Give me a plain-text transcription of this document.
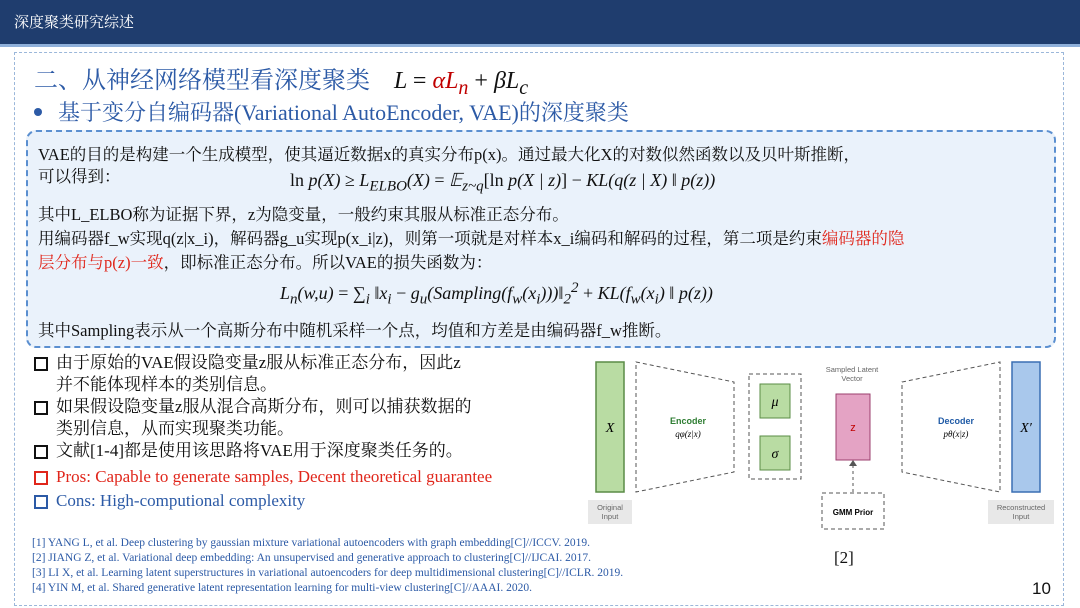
深度聚类研究综述
二、从神经网络模型看深度聚类 $L = \alpha L_n + \beta L_c$
基于变分自编码器(Variational AutoEncoder, VAE)的深度聚类
VAE的目的是构建一个生成模型，使其逼近数据x的真实分布p(x)。通过最大化X的对数似然函数以及贝叶斯推断，
可以得到：	$\ln p(X) \ge L_{ELBO}(X)$ = 𝔼$_{z\sim q}$[ln p(X | z)] − KL(q(z | X) ‖ p(z))
其中L_ELBO称为证据下界，z为隐变量，一般约束其服从标准正态分布。
用编码器f_w实现q(z|x_i)，解码器g_u实现p(x_i|z)，则第一项就是对样本x_i编码和解码的过程，第二项是约束编码器的隐
层分布与p(z)一致，即标准正态分布。所以VAE的损失函数为：
$L_n(w,u) = \sum_i$ $‖x_i$ − $g_u(Sampling(f_w(x_i)))‖_2^2 + KL(f_w(x_i)$ ‖ p(z))
其中Sampling表示从一个高斯分布中随机采样一个点，均值和方差是由编码器f_w推断。
由于原始的VAE假设隐变量z服从标准正态分布，因此z
并不能体现样本的类别信息。
如果假设隐变量z服从混合高斯分布，则可以捕获数据的
类别信息，从而实现聚类功能。
文献[1-4]都是使用该思路将VAE用于深度聚类任务的。
Pros: Capable to generate samples, Decent theoretical guarantee
Cons: High-computional complexity
[1] YANG L, et al. Deep clustering by gaussian mixture variational autoencoders with graph embedding[C]//ICCV. 2019.
[2] JIANG Z, et al. Variational deep embedding: An unsupervised and generative approach to clustering[C]//IJCAI. 2017.
[3] LI X, et al. Learning latent superstructures in variational autoencoders for deep multidimensional clustering[C]//ICLR. 2019.
[4] YIN M, et al. Shared generative latent representation learning for multi-view clustering[C]//AAAI. 2020.
X	Encoder
qφ(z|x)
μ
σ
Sampled Latent
Vector
z
GMM Prior
Decoder
pθ(x|z)	X′
Original
Input
Reconstructed
Input
[2]
10
